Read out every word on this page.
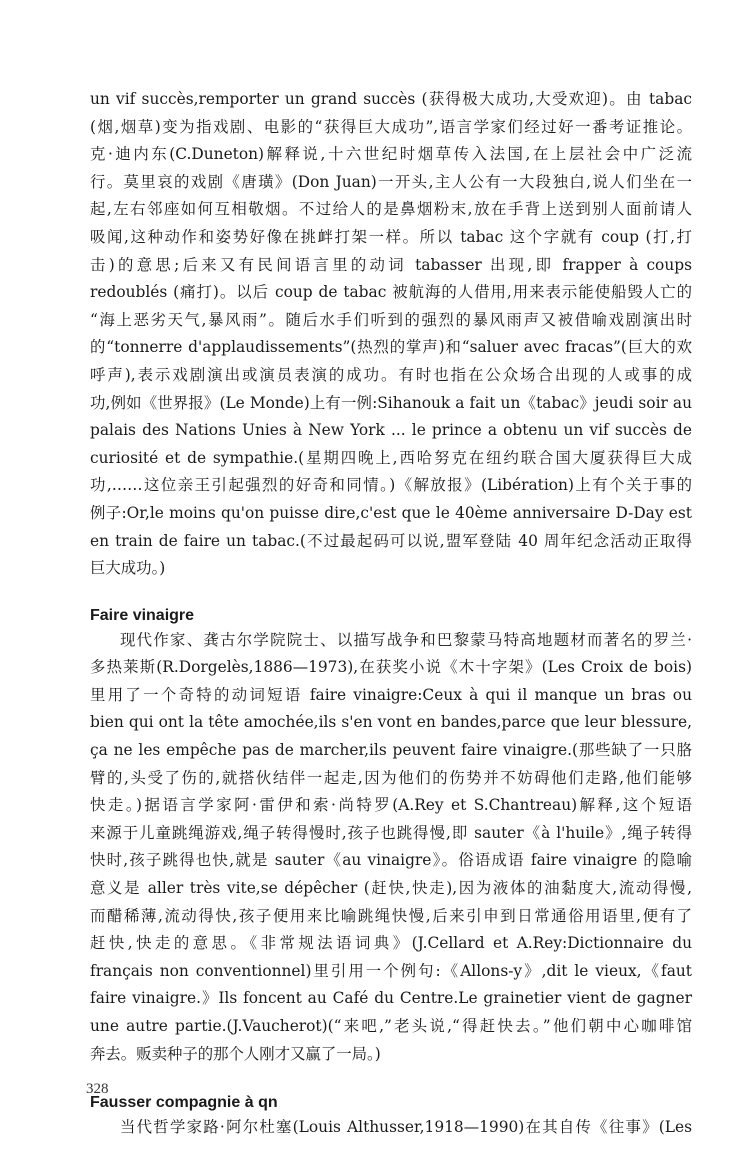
un vif succès,remporter un grand succès (获得极大成功,大受欢迎)。由 tabac
(烟,烟草)变为指戏剧、电影的“获得巨大成功”,语言学家们经过好一番考证推论。
克·迪内东(C.Duneton)解释说,十六世纪时烟草传入法国,在上层社会中广泛流
行。莫里哀的戏剧《唐璜》(Don Juan)一开头,主人公有一大段独白,说人们坐在一
起,左右邻座如何互相敬烟。不过给人的是鼻烟粉末,放在手背上送到别人面前请人
吸闻,这种动作和姿势好像在挑衅打架一样。所以 tabac 这个字就有 coup (打,打
击)的意思;后来又有民间语言里的动词 tabasser 出现,即 frapper à coups
redoublés (痛打)。以后 coup de tabac 被航海的人借用,用来表示能使船毁人亡的
“海上恶劣天气,暴风雨”。随后水手们听到的强烈的暴风雨声又被借喻戏剧演出时
的“tonnerre d'applaudissements”(热烈的掌声)和“saluer avec fracas”(巨大的欢
呼声),表示戏剧演出或演员表演的成功。有时也指在公众场合出现的人或事的成
功,例如《世界报》(Le Monde)上有一例:Sihanouk a fait un《tabac》jeudi soir au
palais des Nations Unies à New York ... le prince a obtenu un vif succès de
curiosité et de sympathie.(星期四晚上,西哈努克在纽约联合国大厦获得巨大成
功,……这位亲王引起强烈的好奇和同情。)《解放报》(Libération)上有个关于事的
例子:Or,le moins qu'on puisse dire,c'est que le 40ème anniversaire D-Day est
en train de faire un tabac.(不过最起码可以说,盟军登陆 40 周年纪念活动正取得
巨大成功。)
Faire vinaigre
现代作家、龚古尔学院院士、以描写战争和巴黎蒙马特高地题材而著名的罗兰·
多热莱斯(R.Dorgelès,1886—1973),在获奖小说《木十字架》(Les Croix de bois)
里用了一个奇特的动词短语 faire vinaigre:Ceux à qui il manque un bras ou
bien qui ont la tête amochée,ils s'en vont en bandes,parce que leur blessure,
ça ne les empêche pas de marcher,ils peuvent faire vinaigre.(那些缺了一只胳
臂的,头受了伤的,就搭伙结伴一起走,因为他们的伤势并不妨碍他们走路,他们能够
快走。)据语言学家阿·雷伊和索·尚特罗(A.Rey et S.Chantreau)解释,这个短语
来源于儿童跳绳游戏,绳子转得慢时,孩子也跳得慢,即 sauter《à l'huile》,绳子转得
快时,孩子跳得也快,就是 sauter《au vinaigre》。俗语成语 faire vinaigre 的隐喻
意义是 aller très vite,se dépêcher (赶快,快走),因为液体的油黏度大,流动得慢,
而醋稀薄,流动得快,孩子便用来比喻跳绳快慢,后来引申到日常通俗用语里,便有了
赶快,快走的意思。《非常规法语词典》(J.Cellard et A.Rey:Dictionnaire du
français non conventionnel)里引用一个例句:《Allons-y》,dit le vieux,《faut
faire vinaigre.》Ils foncent au Café du Centre.Le grainetier vient de gagner
une autre partie.(J.Vaucherot)(“来吧,”老头说,“得赶快去。”他们朝中心咖啡馆
奔去。贩卖种子的那个人刚才又赢了一局。)
Fausser compagnie à qn
当代哲学家路·阿尔杜塞(Louis Althusser,1918—1990)在其自传《往事》(Les
328
